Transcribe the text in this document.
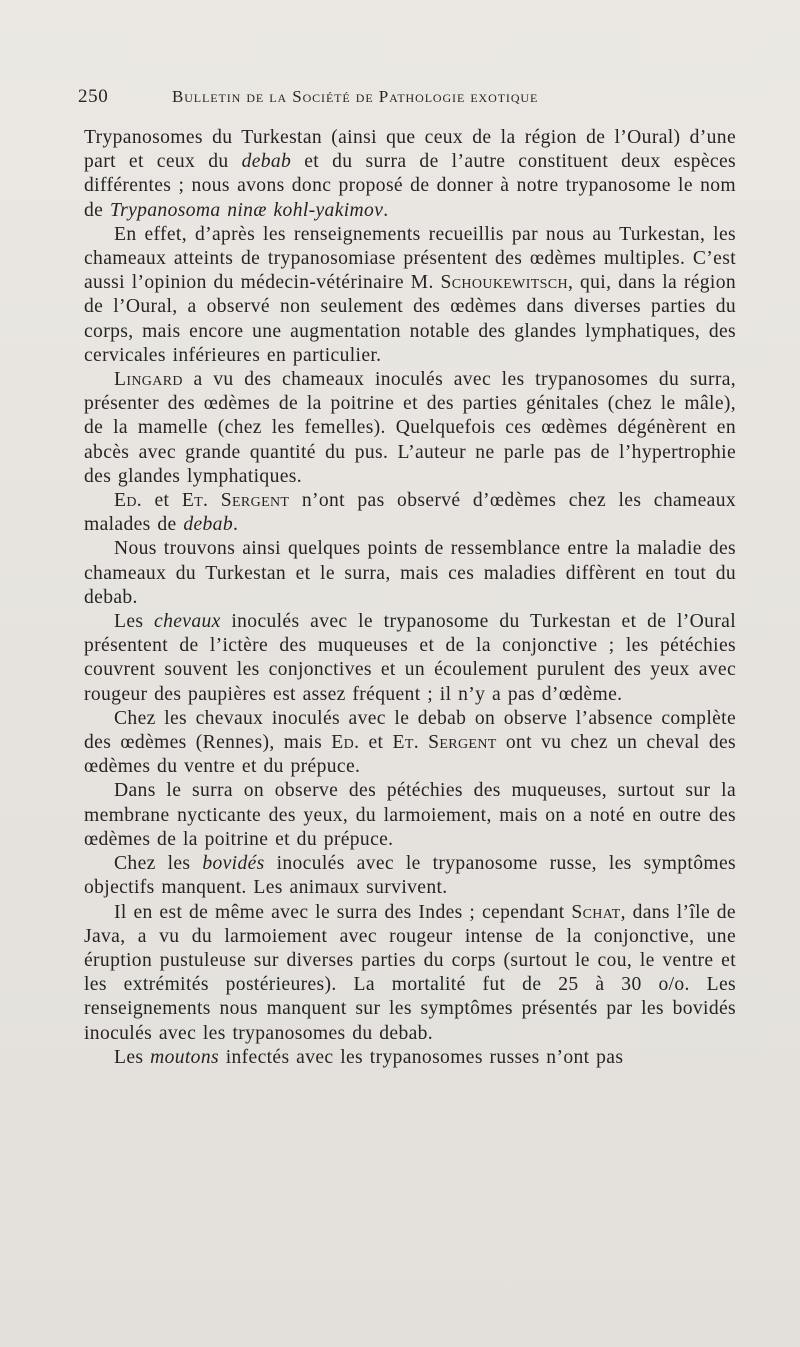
250	Bulletin de la Société de Pathologie exotique

Trypanosomes du Turkestan (ainsi que ceux de la région de l’Oural) d’une part et ceux du debab et du surra de l’autre constituent deux espèces différentes ; nous avons donc proposé de donner à notre trypanosome le nom de Trypanosoma ninæ kohl-yakimov.

En effet, d’après les renseignements recueillis par nous au Turkestan, les chameaux atteints de trypanosomiase présentent des œdèmes multiples. C’est aussi l’opinion du médecin-vétérinaire M. Schoukewitsch, qui, dans la région de l’Oural, a observé non seulement des œdèmes dans diverses parties du corps, mais encore une augmentation notable des glandes lymphatiques, des cervicales inférieures en particulier.

Lingard a vu des chameaux inoculés avec les trypanosomes du surra, présenter des œdèmes de la poitrine et des parties génitales (chez le mâle), de la mamelle (chez les femelles). Quelquefois ces œdèmes dégénèrent en abcès avec grande quantité du pus. L’auteur ne parle pas de l’hypertrophie des glandes lymphatiques.

Ed. et Et. Sergent n’ont pas observé d’œdèmes chez les chameaux malades de debab.

Nous trouvons ainsi quelques points de ressemblance entre la maladie des chameaux du Turkestan et le surra, mais ces maladies diffèrent en tout du debab.

Les chevaux inoculés avec le trypanosome du Turkestan et de l’Oural présentent de l’ictère des muqueuses et de la conjonctive ; les pétéchies couvrent souvent les conjonctives et un écoulement purulent des yeux avec rougeur des paupières est assez fréquent ; il n’y a pas d’œdème.

Chez les chevaux inoculés avec le debab on observe l’absence complète des œdèmes (Rennes), mais Ed. et Et. Sergent ont vu chez un cheval des œdèmes du ventre et du prépuce.

Dans le surra on observe des pétéchies des muqueuses, surtout sur la membrane nycticante des yeux, du larmoiement, mais on a noté en outre des œdèmes de la poitrine et du prépuce.

Chez les bovidés inoculés avec le trypanosome russe, les symptômes objectifs manquent. Les animaux survivent.

Il en est de même avec le surra des Indes ; cependant Schat, dans l’île de Java, a vu du larmoiement avec rougeur intense de la conjonctive, une éruption pustuleuse sur diverses parties du corps (surtout le cou, le ventre et les extrémités postérieures). La mortalité fut de 25 à 30 o/o. Les renseignements nous manquent sur les symptômes présentés par les bovidés inoculés avec les trypanosomes du debab.

Les moutons infectés avec les trypanosomes russes n’ont pas
